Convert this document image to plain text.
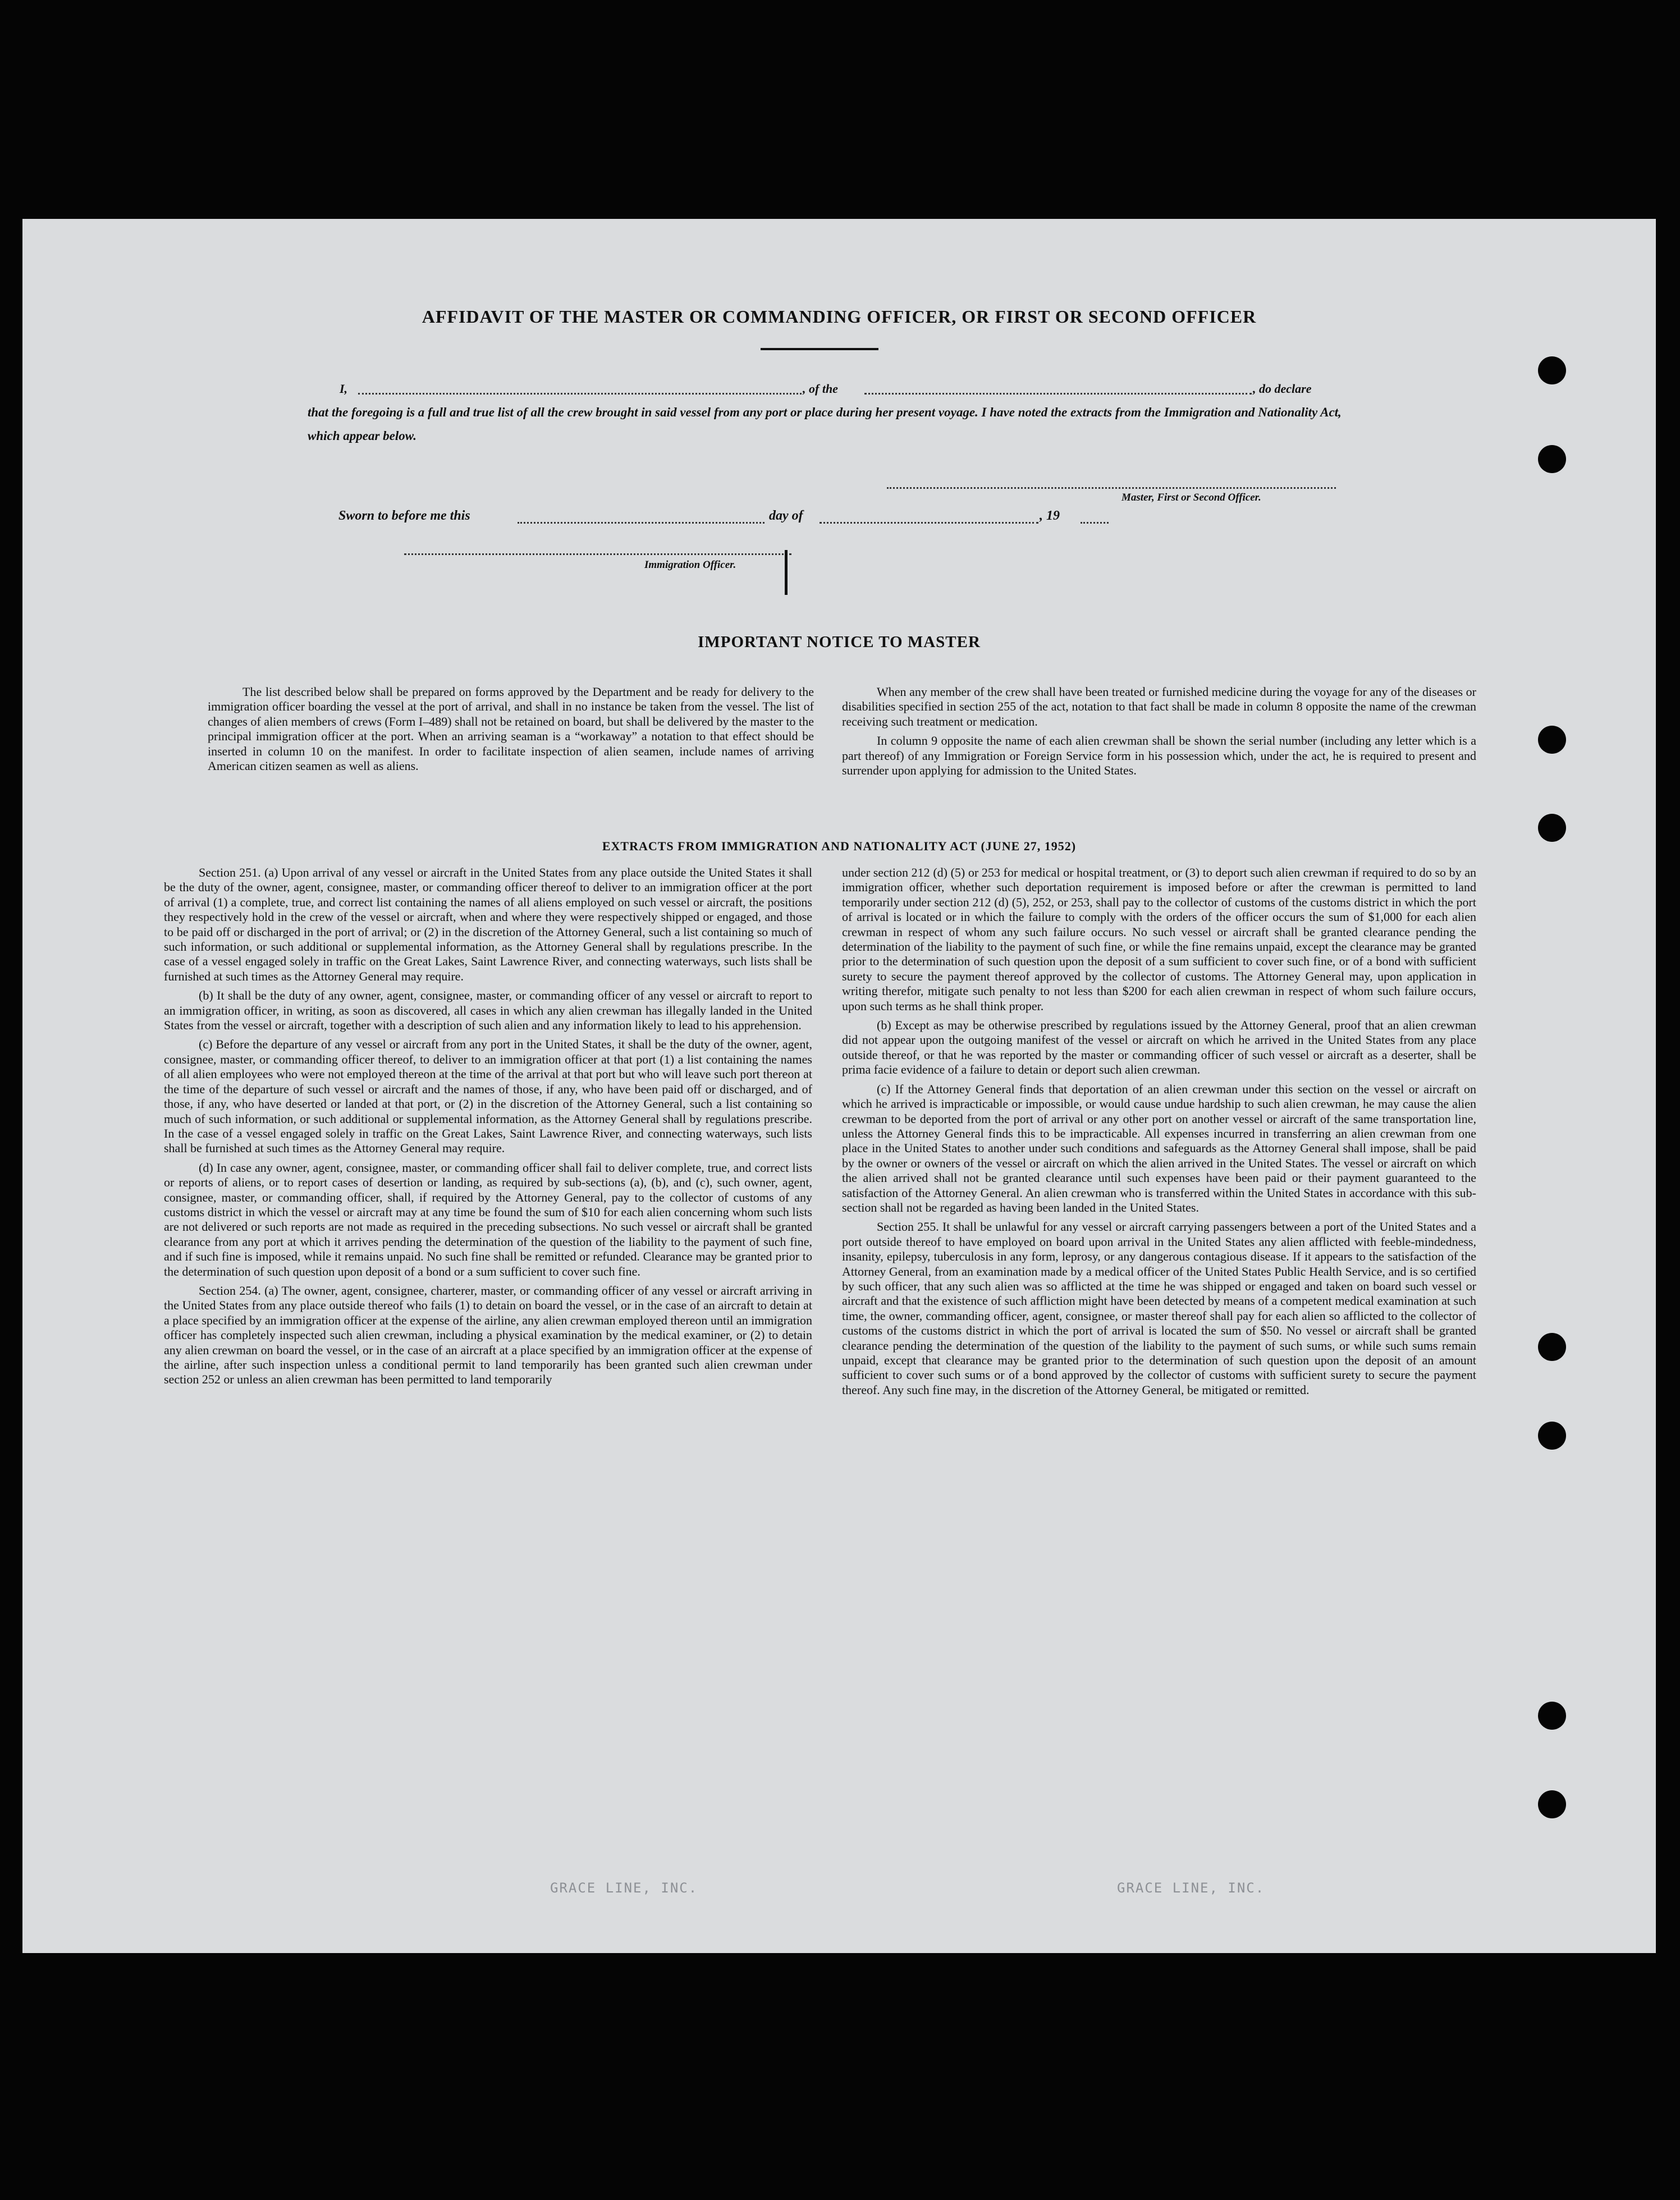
GRACE LINE, INC.	GRACE LINE, INC.
AFFIDAVIT OF THE MASTER OR COMMANDING OFFICER, OR FIRST OR SECOND OFFICER
I,	, of the	, do declare
that the foregoing is a full and true list of all the crew brought in said vessel from any port or place during her present voyage. I have noted the extracts from the Immigration and Nationality Act, which appear below.
Master, First or Second Officer.
Sworn to before me this	day of	, 19
Immigration Officer.
IMPORTANT NOTICE TO MASTER

The list described below shall be prepared on forms approved by the Department and be ready for delivery to the immigration officer boarding the vessel at the port of arrival, and shall in no instance be taken from the vessel. The list of changes of alien members of crews (Form I–489) shall not be retained on board, but shall be delivered by the master to the principal immigration officer at the port. When an arriving seaman is a “workaway” a notation to that effect should be inserted in column 10 on the manifest. In order to facilitate inspection of alien seamen, include names of arriving American citizen seamen as well as aliens.

When any member of the crew shall have been treated or furnished medicine during the voyage for any of the diseases or disabilities specified in section 255 of the act, notation to that fact shall be made in column 8 opposite the name of the crewman receiving such treatment or medication.

In column 9 opposite the name of each alien crewman shall be shown the serial number (including any letter which is a part thereof) of any Immigration or Foreign Service form in his possession which, under the act, he is required to present and surrender upon applying for admission to the United States.

EXTRACTS FROM IMMIGRATION AND NATIONALITY ACT (JUNE 27, 1952)

Section 251. (a) Upon arrival of any vessel or aircraft in the United States from any place outside the United States it shall be the duty of the owner, agent, consignee, master, or commanding officer thereof to deliver to an immigration officer at the port of arrival (1) a complete, true, and correct list containing the names of all aliens employed on such vessel or aircraft, the positions they respectively hold in the crew of the vessel or aircraft, when and where they were respectively shipped or engaged, and those to be paid off or discharged in the port of arrival; or (2) in the discretion of the Attorney General, such a list containing so much of such information, or such additional or supplemental information, as the Attorney General shall by regulations prescribe. In the case of a vessel engaged solely in traffic on the Great Lakes, Saint Lawrence River, and connecting waterways, such lists shall be furnished at such times as the Attorney General may require.

(b) It shall be the duty of any owner, agent, consignee, master, or commanding officer of any vessel or aircraft to report to an immigration officer, in writing, as soon as discovered, all cases in which any alien crewman has illegally landed in the United States from the vessel or aircraft, together with a description of such alien and any information likely to lead to his apprehension.

(c) Before the departure of any vessel or aircraft from any port in the United States, it shall be the duty of the owner, agent, consignee, master, or commanding officer thereof, to deliver to an immigration officer at that port (1) a list containing the names of all alien employees who were not employed thereon at the time of the arrival at that port but who will leave such port thereon at the time of the departure of such vessel or aircraft and the names of those, if any, who have been paid off or discharged, and of those, if any, who have deserted or landed at that port, or (2) in the discretion of the Attorney General, such a list containing so much of such information, or such additional or supplemental information, as the Attorney General shall by regulations prescribe. In the case of a vessel engaged solely in traffic on the Great Lakes, Saint Lawrence River, and connecting waterways, such lists shall be furnished at such times as the Attorney General may require.

(d) In case any owner, agent, consignee, master, or commanding officer shall fail to deliver complete, true, and correct lists or reports of aliens, or to report cases of desertion or landing, as required by sub-sections (a), (b), and (c), such owner, agent, consignee, master, or commanding officer, shall, if required by the Attorney General, pay to the collector of customs of any customs district in which the vessel or aircraft may at any time be found the sum of $10 for each alien concerning whom such lists are not delivered or such reports are not made as required in the preceding subsections. No such vessel or aircraft shall be granted clearance from any port at which it arrives pending the determination of the question of the liability to the payment of such fine, and if such fine is imposed, while it remains unpaid. No such fine shall be remitted or refunded. Clearance may be granted prior to the determination of such question upon deposit of a bond or a sum sufficient to cover such fine.

Section 254. (a) The owner, agent, consignee, charterer, master, or commanding officer of any vessel or aircraft arriving in the United States from any place outside thereof who fails (1) to detain on board the vessel, or in the case of an aircraft to detain at a place specified by an immigration officer at the expense of the airline, any alien crewman employed thereon until an immigration officer has completely inspected such alien crewman, including a physical examination by the medical examiner, or (2) to detain any alien crewman on board the vessel, or in the case of an aircraft at a place specified by an immigration officer at the expense of the airline, after such inspection unless a conditional permit to land temporarily has been granted such alien crewman under section 252 or unless an alien crewman has been permitted to land temporarily

under section 212 (d) (5) or 253 for medical or hospital treatment, or (3) to deport such alien crewman if required to do so by an immigration officer, whether such deportation requirement is imposed before or after the crewman is permitted to land temporarily under section 212 (d) (5), 252, or 253, shall pay to the collector of customs of the customs district in which the port of arrival is located or in which the failure to comply with the orders of the officer occurs the sum of $1,000 for each alien crewman in respect of whom any such failure occurs. No such vessel or aircraft shall be granted clearance pending the determination of the liability to the payment of such fine, or while the fine remains unpaid, except the clearance may be granted prior to the determination of such question upon the deposit of a sum sufficient to cover such fine, or of a bond with sufficient surety to secure the payment thereof approved by the collector of customs. The Attorney General may, upon application in writing therefor, mitigate such penalty to not less than $200 for each alien crewman in respect of whom such failure occurs, upon such terms as he shall think proper.

(b) Except as may be otherwise prescribed by regulations issued by the Attorney General, proof that an alien crewman did not appear upon the outgoing manifest of the vessel or aircraft on which he arrived in the United States from any place outside thereof, or that he was reported by the master or commanding officer of such vessel or aircraft as a deserter, shall be prima facie evidence of a failure to detain or deport such alien crewman.

(c) If the Attorney General finds that deportation of an alien crewman under this section on the vessel or aircraft on which he arrived is impracticable or impossible, or would cause undue hardship to such alien crewman, he may cause the alien crewman to be deported from the port of arrival or any other port on another vessel or aircraft of the same transportation line, unless the Attorney General finds this to be impracticable. All expenses incurred in transferring an alien crewman from one place in the United States to another under such conditions and safeguards as the Attorney General shall impose, shall be paid by the owner or owners of the vessel or aircraft on which the alien arrived in the United States. The vessel or aircraft on which the alien arrived shall not be granted clearance until such expenses have been paid or their payment guaranteed to the satisfaction of the Attorney General. An alien crewman who is transferred within the United States in accordance with this sub-section shall not be regarded as having been landed in the United States.

Section 255. It shall be unlawful for any vessel or aircraft carrying passengers between a port of the United States and a port outside thereof to have employed on board upon arrival in the United States any alien afflicted with feeble-mindedness, insanity, epilepsy, tuberculosis in any form, leprosy, or any dangerous contagious disease. If it appears to the satisfaction of the Attorney General, from an examination made by a medical officer of the United States Public Health Service, and is so certified by such officer, that any such alien was so afflicted at the time he was shipped or engaged and taken on board such vessel or aircraft and that the existence of such affliction might have been detected by means of a competent medical examination at such time, the owner, commanding officer, agent, consignee, or master thereof shall pay for each alien so afflicted to the collector of customs of the customs district in which the port of arrival is located the sum of $50. No vessel or aircraft shall be granted clearance pending the determination of the question of the liability to the payment of such sums, or while such sums remain unpaid, except that clearance may be granted prior to the determination of such question upon the deposit of an amount sufficient to cover such sums or of a bond approved by the collector of customs with sufficient surety to secure the payment thereof. Any such fine may, in the discretion of the Attorney General, be mitigated or remitted.
